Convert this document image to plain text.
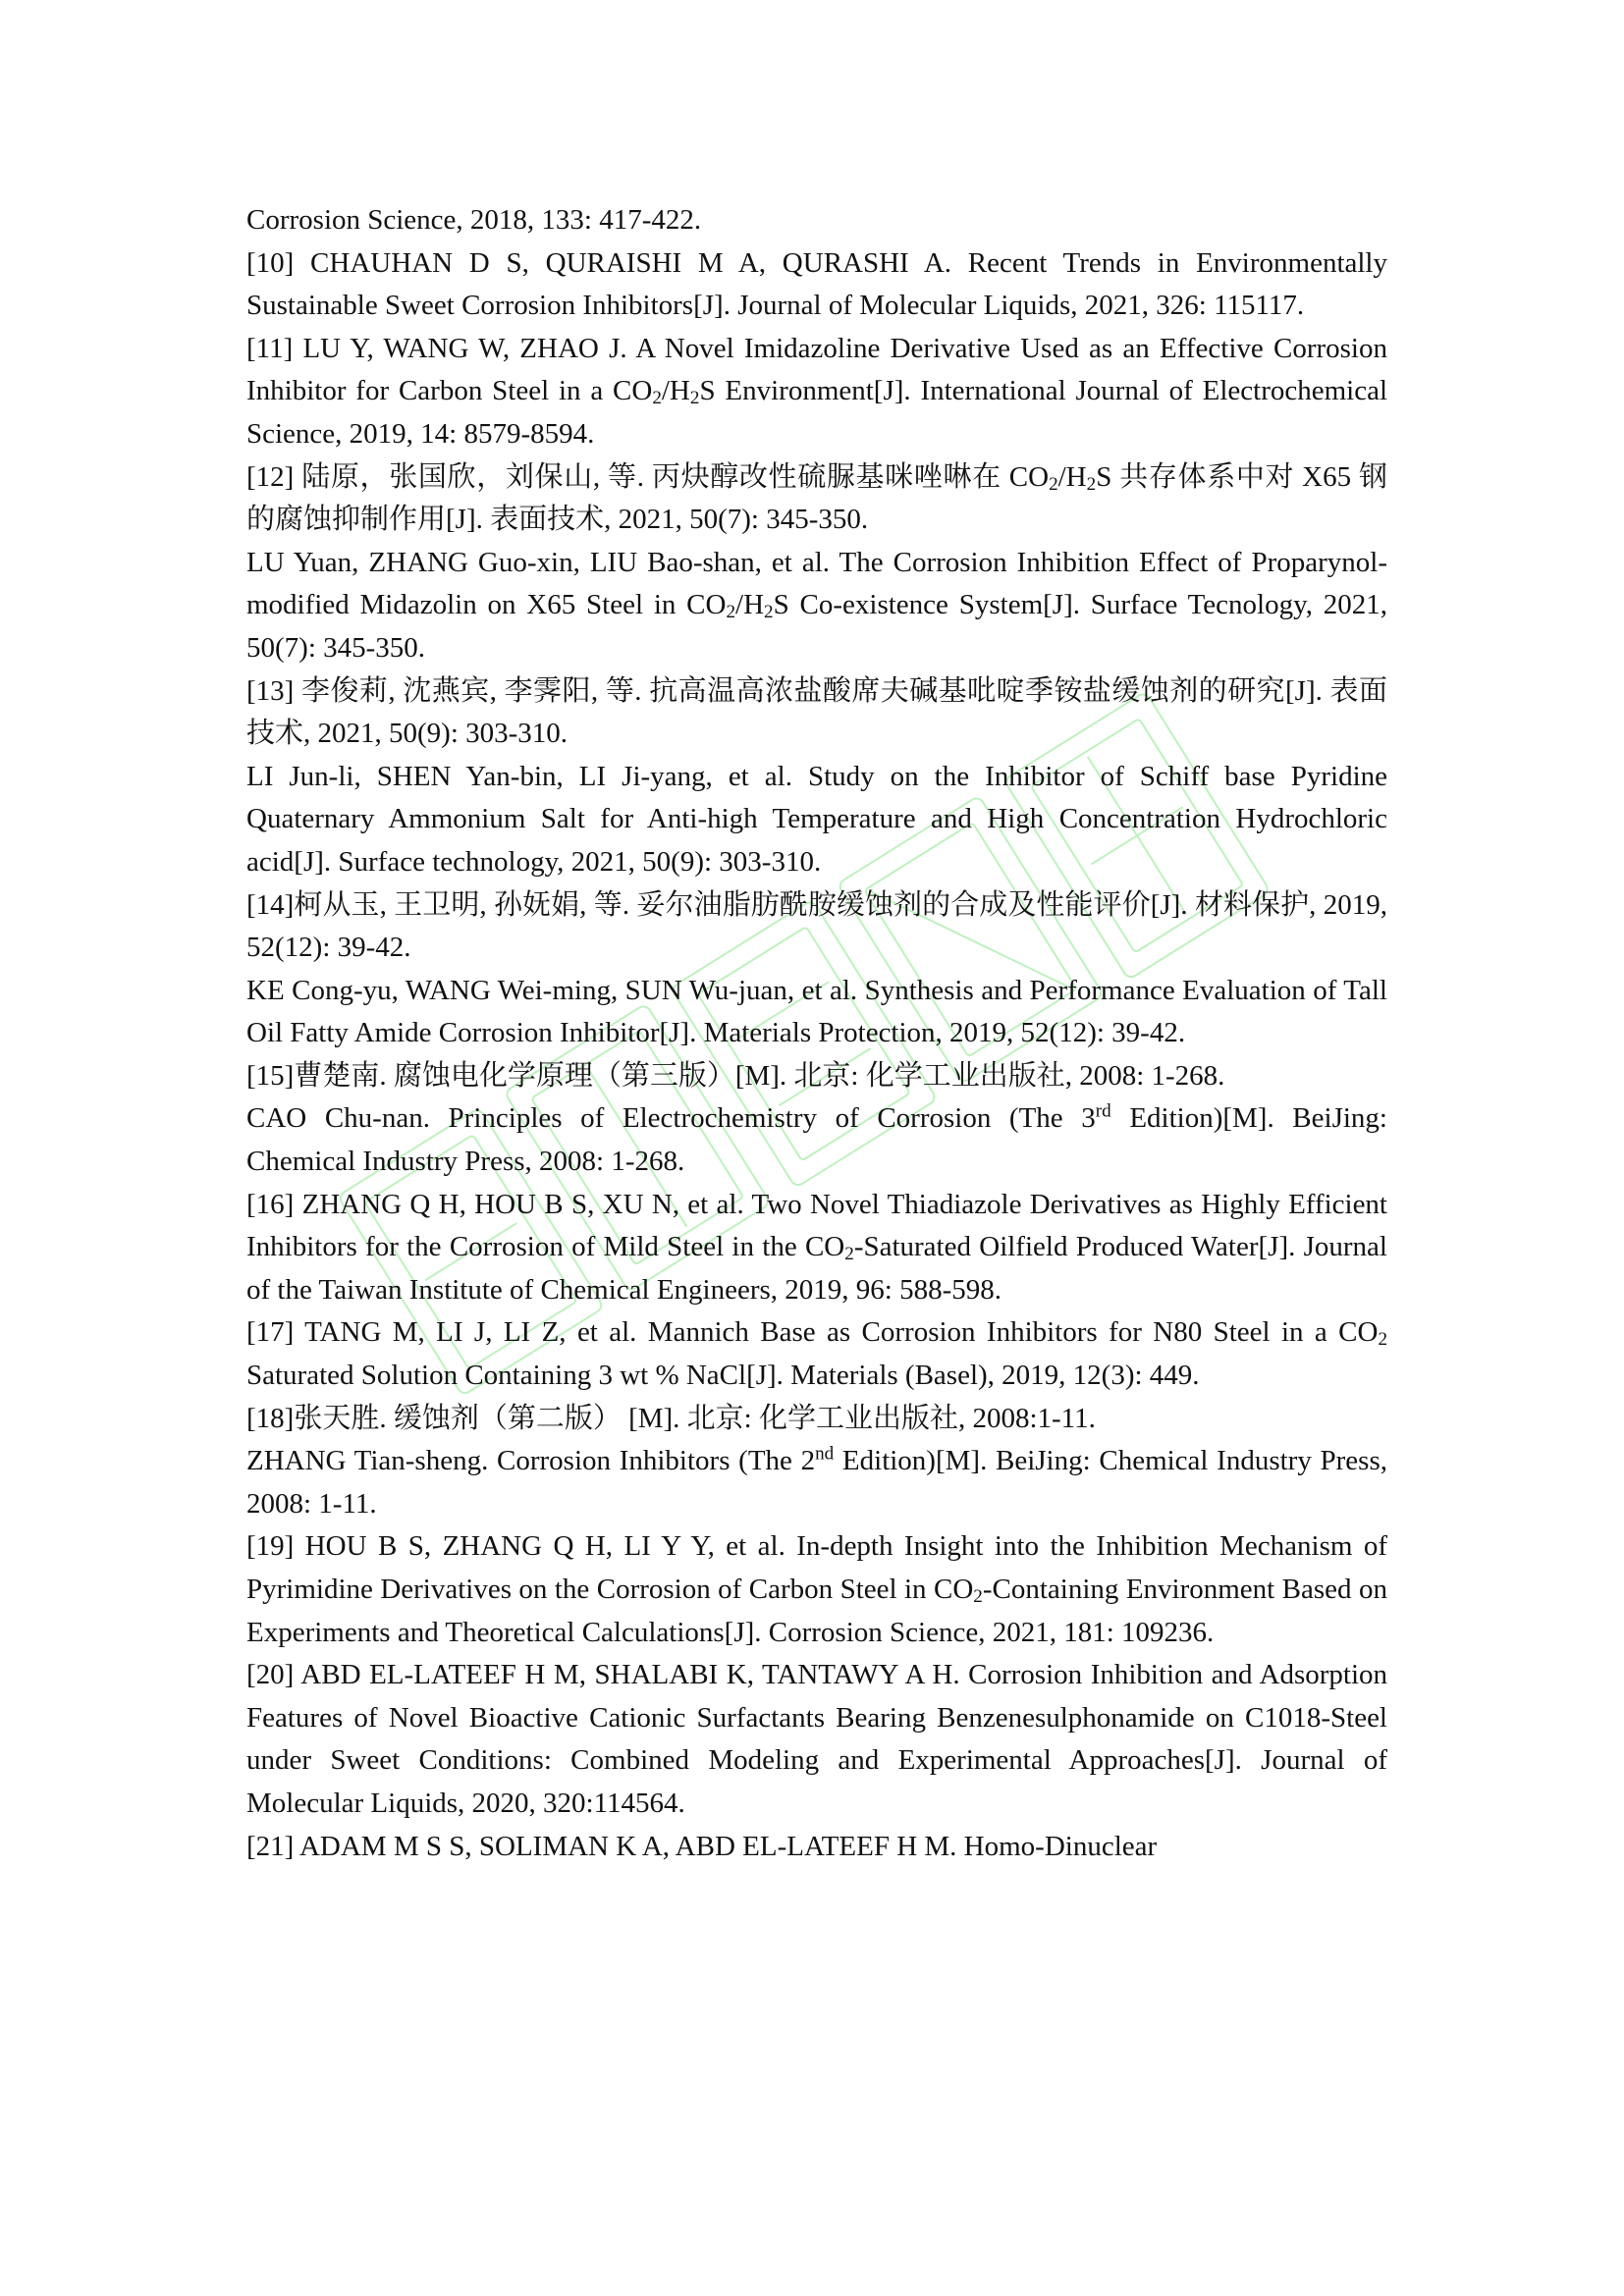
Corrosion Science, 2018, 133: 417-422.

[10] CHAUHAN D S, QURAISHI M A, QURASHI A. Recent Trends in Environmentally Sustainable Sweet Corrosion Inhibitors[J]. Journal of Molecular Liquids, 2021, 326: 115117.

[11] LU Y, WANG W, ZHAO J. A Novel Imidazoline Derivative Used as an Effective Corrosion Inhibitor for Carbon Steel in a $CO_2/H_2S$ Environment[J]. International Journal of Electrochemical Science, 2019, 14: 8579-8594.

[12] 陆原，张国欣，刘保山, 等. 丙炔醇改性硫脲基咪唑啉在 $CO_2/H_2S$ 共存体系中对 X65 钢的腐蚀抑制作用[J]. 表面技术, 2021, 50(7): 345-350.

LU Yuan, ZHANG Guo-xin, LIU Bao-shan, et al. The Corrosion Inhibition Effect of Proparynol-modified Midazolin on X65 Steel in $CO_2/H_2S$ Co-existence System[J]. Surface Tecnology, 2021, 50(7): 345-350.

[13] 李俊莉, 沈燕宾, 李霁阳, 等. 抗高温高浓盐酸席夫碱基吡啶季铵盐缓蚀剂的研究[J]. 表面技术, 2021, 50(9): 303-310.

LI Jun-li, SHEN Yan-bin, LI Ji-yang, et al. Study on the Inhibitor of Schiff base Pyridine Quaternary Ammonium Salt for Anti-high Temperature and High Concentration Hydrochloric acid[J]. Surface technology, 2021, 50(9): 303-310.

[14]柯从玉, 王卫明, 孙妩娟, 等. 妥尔油脂肪酰胺缓蚀剂的合成及性能评价[J]. 材料保护, 2019, 52(12): 39-42.

KE Cong-yu, WANG Wei-ming, SUN Wu-juan, et al. Synthesis and Performance Evaluation of Tall Oil Fatty Amide Corrosion Inhibitor[J]. Materials Protection, 2019, 52(12): 39-42.

[15]曹楚南. 腐蚀电化学原理（第三版）[M]. 北京: 化学工业出版社, 2008: 1-268.

CAO Chu-nan. Principles of Electrochemistry of Corrosion (The 3rd Edition)[M]. BeiJing: Chemical Industry Press, 2008: 1-268.

[16] ZHANG Q H, HOU B S, XU N, et al. Two Novel Thiadiazole Derivatives as Highly Efficient Inhibitors for the Corrosion of Mild Steel in the $CO_2$-Saturated Oilfield Produced Water[J]. Journal of the Taiwan Institute of Chemical Engineers, 2019, 96: 588-598.

[17] TANG M, LI J, LI Z, et al. Mannich Base as Corrosion Inhibitors for N80 Steel in a $CO_2$ Saturated Solution Containing 3 wt % NaCl[J]. Materials (Basel), 2019, 12(3): 449.

[18]张天胜. 缓蚀剂（第二版） [M]. 北京: 化学工业出版社, 2008:1-11.

ZHANG Tian-sheng. Corrosion Inhibitors (The 2nd Edition)[M]. BeiJing: Chemical Industry Press, 2008: 1-11.

[19] HOU B S, ZHANG Q H, LI Y Y, et al. In-depth Insight into the Inhibition Mechanism of Pyrimidine Derivatives on the Corrosion of Carbon Steel in $CO_2$-Containing Environment Based on Experiments and Theoretical Calculations[J]. Corrosion Science, 2021, 181: 109236.

[20] ABD EL-LATEEF H M, SHALABI K, TANTAWY A H. Corrosion Inhibition and Adsorption Features of Novel Bioactive Cationic Surfactants Bearing Benzenesulphonamide on C1018-Steel under Sweet Conditions: Combined Modeling and Experimental Approaches[J]. Journal of Molecular Liquids, 2020, 320:114564.

[21] ADAM M S S, SOLIMAN K A, ABD EL-LATEEF H M. Homo-Dinuclear
